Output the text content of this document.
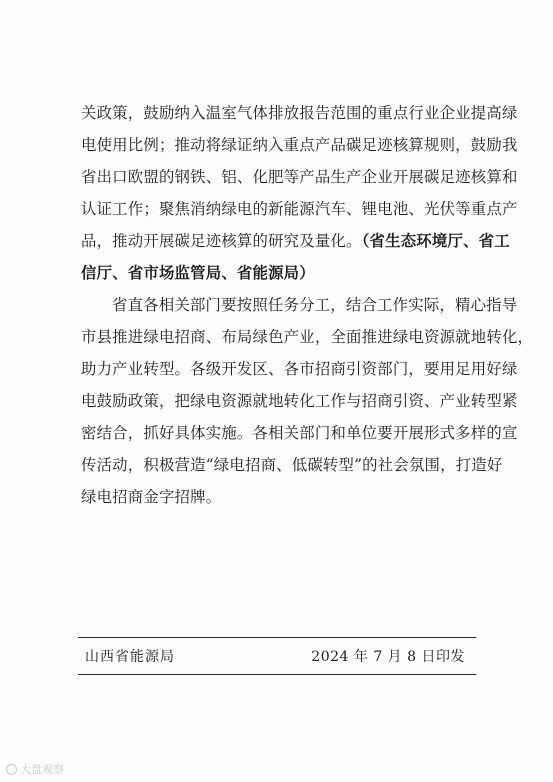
关政策，鼓励纳入温室气体排放报告范围的重点行业企业提高绿
电使用比例；推动将绿证纳入重点产品碳足迹核算规则，鼓励我
省出口欧盟的钢铁、铝、化肥等产品生产企业开展碳足迹核算和
认证工作；聚焦消纳绿电的新能源汽车、锂电池、光伏等重点产
品，推动开展碳足迹核算的研究及量化。（省生态环境厅、省工
信厅、省市场监管局、省能源局）
省直各相关部门要按照任务分工，结合工作实际，精心指导
市县推进绿电招商、布局绿色产业，全面推进绿电资源就地转化，
助力产业转型。各级开发区、各市招商引资部门，要用足用好绿
电鼓励政策，把绿电资源就地转化工作与招商引资、产业转型紧
密结合，抓好具体实施。各相关部门和单位要开展形式多样的宣
传活动，积极营造“绿电招商、低碳转型”的社会氛围，打造好
绿电招商金字招牌。
山西省能源局	2024 年 7 月 8 日印发
大盘观察
